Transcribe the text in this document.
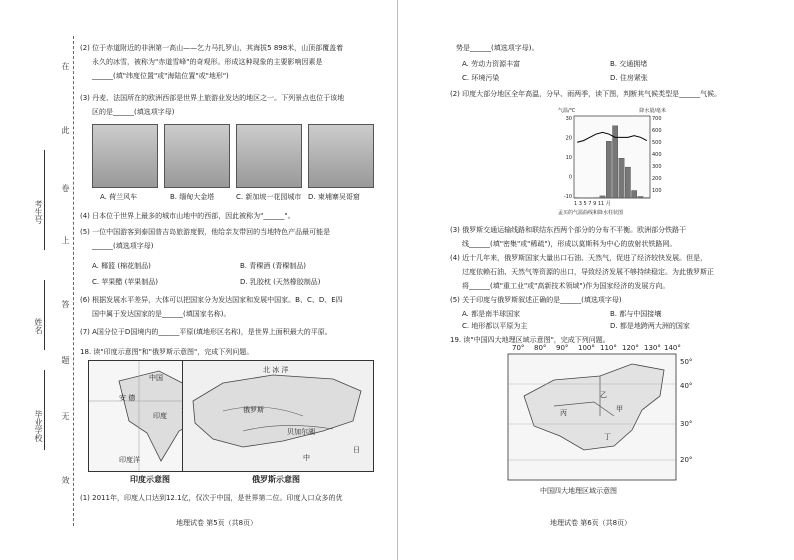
在
此
卷
上
答
题
无
效
考生号
姓名
毕业学校
(2) 位于赤道附近的非洲第一高山——乞力马扎罗山，其海拔5 898米，山顶部覆盖着
永久的冰雪，被称为"赤道雪峰"的奇观形。形成这种现象的主要影响因素是
______(填"纬度位置"或"海陆位置"或"地形")
(3) 丹麦、法国所在的欧洲西部是世界上旅游业发达的地区之一。下列景点也位于该地
区的是______(填选项字母)
A. 荷兰风车	B. 缅甸大金塔	C. 新加坡一花园城市 D. 柬埔寨吴哥窟
(4) 日本位于世界上最多的城市山地中的西部，因此被称为"______"。
(5) 一位中国游客到泰国普吉岛旅游度假，他给亲友带回的当地特色产品最可能是
______(填选项字母)
A. 椰篮 (棉花制品)	B. 青稞酒 (青稞制品)
C. 苹果醋 (苹果制品)	D. 乳胶枕 (天然橡胶制品)
(6) 根据发展水平差异，大体可以把国家分为发达国家和发展中国家。B、C、D、E四
国中属于发达国家的是______(填国家名称)。
(7) A国分位于D国境内的______平原(填地形区名称)，是世界上面积最大的平原。
18. 读"印度示意图"和"俄罗斯示意图"，完成下列问题。
中国
安 德
印度
印度洋
印度示意图
北 冰 洋
俄罗斯
贝加尔湖
中
日
俄罗斯示意图
(1) 2011年，印度人口达到12.1亿，仅次于中国，是世界第二位。印度人口众多的优
地理试卷 第5页（共8页）
势是______(填选项字母)。
A. 劳动力资源丰富	B. 交通拥堵
C. 环境污染	D. 住房紧张
(2) 印度大部分地区全年高温，分早、雨两季，读下图，判断其气候类型是______气候。
气温/℃	降水量/毫米
30
20
10
0
-10
700
600
500
400
300
200
100
1 3 5 7 9 11 月
孟买的气温曲线和降水柱状图
(3) 俄罗斯交通运输线路和联结东西两个部分的分布不平衡。欧洲部分铁路干
线______(填"密集"或"稀疏")，形成以莫斯科为中心的放射状铁路网。
(4) 近十几年来，俄罗斯国家大量出口石油、天然气，促进了经济较快发展。但是，
过度依赖石油、天然气等资源的出口，导致经济发展不够持续稳定。为此俄罗斯正
将______(填"重工业"或"高新技术领域")作为国家经济的发展方向。
(5) 关于印度与俄罗斯叙述正确的是______(填选项字母)
A. 都是南半球国家	B. 都与中国接壤
C. 地形都以平原为主	D. 都是地跨两大洲的国家
19. 读"中国四大地理区域示意图"，完成下列问题。
70° 80° 90° 100° 110° 120° 130° 140°
50°
40°
30°
20°
乙
甲
丙
丁
中国四大地理区域示意图
地理试卷 第6页（共8页）
